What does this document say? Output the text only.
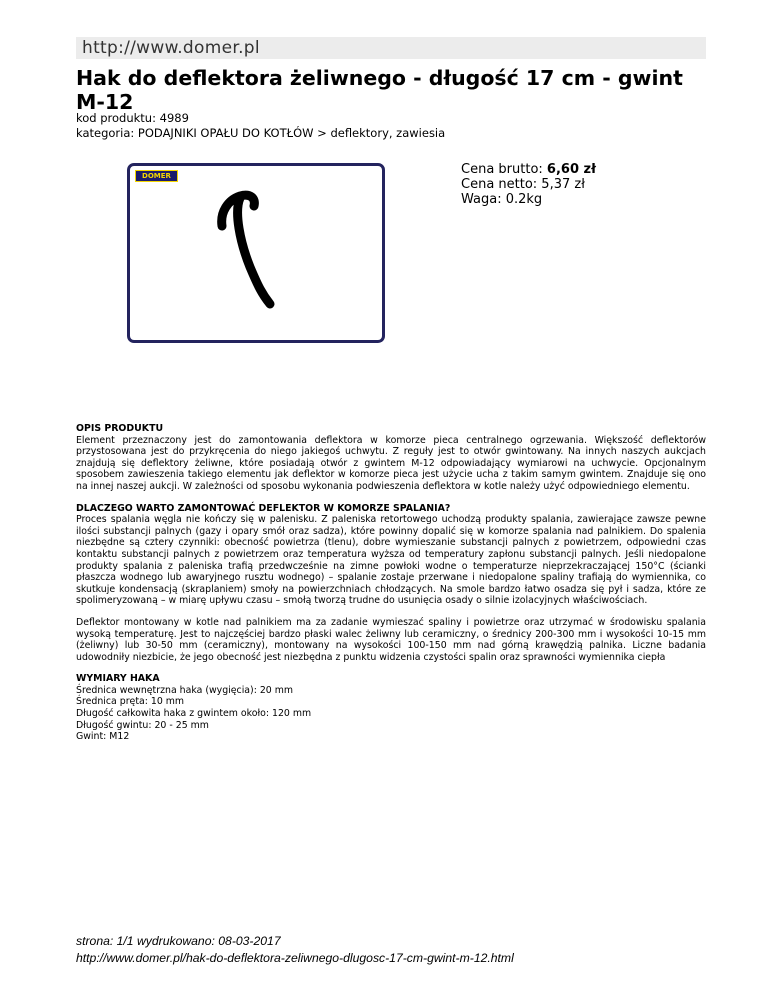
http://www.domer.pl
Hak do deflektora żeliwnego - długość 17 cm - gwint M-12
kod produktu: 4989
kategoria: PODAJNIKI OPAŁU DO KOTŁÓW > deflektory, zawiesia
DOMER	Cena brutto: 6,60 zł
Cena netto: 5,37 zł
Waga: 0.2kg

OPIS PRODUKTU

Element przeznaczony jest do zamontowania deflektora w komorze pieca centralnego ogrzewania. Większość deflektorów przystosowana jest do przykręcenia do niego jakiegoś uchwytu. Z reguły jest to otwór gwintowany. Na innych naszych aukcjach znajdują się deflektory żeliwne, które posiadają otwór z gwintem M-12 odpowiadający wymiarowi na uchwycie. Opcjonalnym sposobem zawieszenia takiego elementu jak deflektor w komorze pieca jest użycie ucha z takim samym gwintem. Znajduje się ono na innej naszej aukcji. W zależności od sposobu wykonania podwieszenia deflektora w kotle należy użyć odpowiedniego elementu.

DLACZEGO WARTO ZAMONTOWAĆ DEFLEKTOR W KOMORZE SPALANIA?

Proces spalania węgla nie kończy się w palenisku. Z paleniska retortowego uchodzą produkty spalania, zawierające zawsze pewne ilości substancji palnych (gazy i opary smół oraz sadza), które powinny dopalić się w komorze spalania nad palnikiem. Do spalenia niezbędne są cztery czynniki: obecność powietrza (tlenu), dobre wymieszanie substancji palnych z powietrzem, odpowiedni czas kontaktu substancji palnych z powietrzem oraz temperatura wyższa od temperatury zapłonu substancji palnych. Jeśli niedopalone produkty spalania z paleniska trafią przedwcześnie na zimne powłoki wodne o temperaturze nieprzekraczającej 150°C (ścianki płaszcza wodnego lub awaryjnego rusztu wodnego) – spalanie zostaje przerwane i niedopalone spaliny trafiają do wymiennika, co skutkuje kondensacją (skraplaniem) smoły na powierzchniach chłodzących. Na smole bardzo łatwo osadza się pył i sadza, które ze spolimeryzowaną – w miarę upływu czasu – smołą tworzą trudne do usunięcia osady o silnie izolacyjnych właściwościach.

Deflektor montowany w kotle nad palnikiem ma za zadanie wymieszać spaliny i powietrze oraz utrzymać w środowisku spalania wysoką temperaturę. Jest to najczęściej bardzo płaski walec żeliwny lub ceramiczny, o średnicy 200-300 mm i wysokości 10-15 mm (żeliwny) lub 30-50 mm (ceramiczny), montowany na wysokości 100-150 mm nad górną krawędzią palnika. Liczne badania udowodniły niezbicie, że jego obecność jest niezbędna z punktu widzenia czystości spalin oraz sprawności wymiennika ciepła

WYMIARY HAKA

Średnica wewnętrzna haka (wygięcia): 20 mm

Średnica pręta: 10 mm

Długość całkowita haka z gwintem około: 120 mm

Długość gwintu: 20 - 25 mm

Gwint: M12

strona: 1/1 wydrukowano: 08-03-2017
http://www.domer.pl/hak-do-deflektora-zeliwnego-dlugosc-17-cm-gwint-m-12.html
